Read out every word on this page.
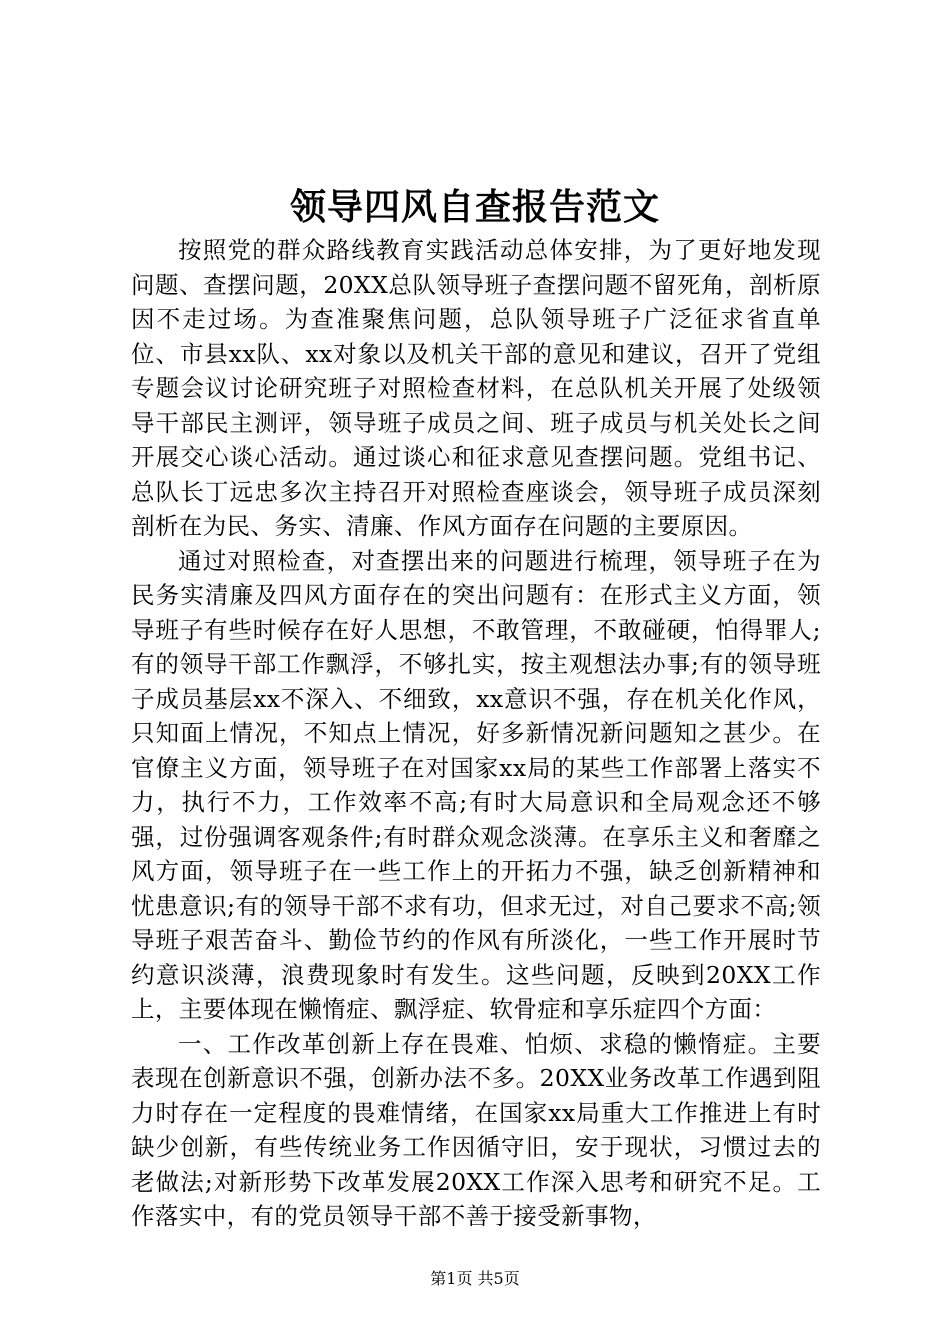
领导四风自查报告范文

按照党的群众路线教育实践活动总体安排，为了更好地发现问题、查摆问题，20XX总队领导班子查摆问题不留死角，剖析原因不走过场。为查准聚焦问题，总队领导班子广泛征求省直单位、市县xx队、xx对象以及机关干部的意见和建议，召开了党组专题会议讨论研究班子对照检查材料，在总队机关开展了处级领导干部民主测评，领导班子成员之间、班子成员与机关处长之间开展交心谈心活动。通过谈心和征求意见查摆问题。党组书记、总队长丁远忠多次主持召开对照检查座谈会，领导班子成员深刻剖析在为民、务实、清廉、作风方面存在问题的主要原因。

通过对照检查，对查摆出来的问题进行梳理，领导班子在为民务实清廉及四风方面存在的突出问题有：在形式主义方面，领导班子有些时候存在好人思想，不敢管理，不敢碰硬，怕得罪人;有的领导干部工作飘浮，不够扎实，按主观想法办事;有的领导班子成员基层xx不深入、不细致，xx意识不强，存在机关化作风，只知面上情况，不知点上情况，好多新情况新问题知之甚少。在官僚主义方面，领导班子在对国家xx局的某些工作部署上落实不力，执行不力，工作效率不高;有时大局意识和全局观念还不够强，过份强调客观条件;有时群众观念淡薄。在享乐主义和奢靡之风方面，领导班子在一些工作上的开拓力不强，缺乏创新精神和忧患意识;有的领导干部不求有功，但求无过，对自己要求不高;领导班子艰苦奋斗、勤俭节约的作风有所淡化，一些工作开展时节约意识淡薄，浪费现象时有发生。这些问题，反映到20XX工作上，主要体现在懒惰症、飘浮症、软骨症和享乐症四个方面：

一、工作改革创新上存在畏难、怕烦、求稳的懒惰症。主要表现在创新意识不强，创新办法不多。20XX业务改革工作遇到阻力时存在一定程度的畏难情绪，在国家xx局重大工作推进上有时缺少创新，有些传统业务工作因循守旧，安于现状，习惯过去的老做法;对新形势下改革发展20XX工作深入思考和研究不足。工作落实中，有的党员领导干部不善于接受新事物，

第1页 共5页
